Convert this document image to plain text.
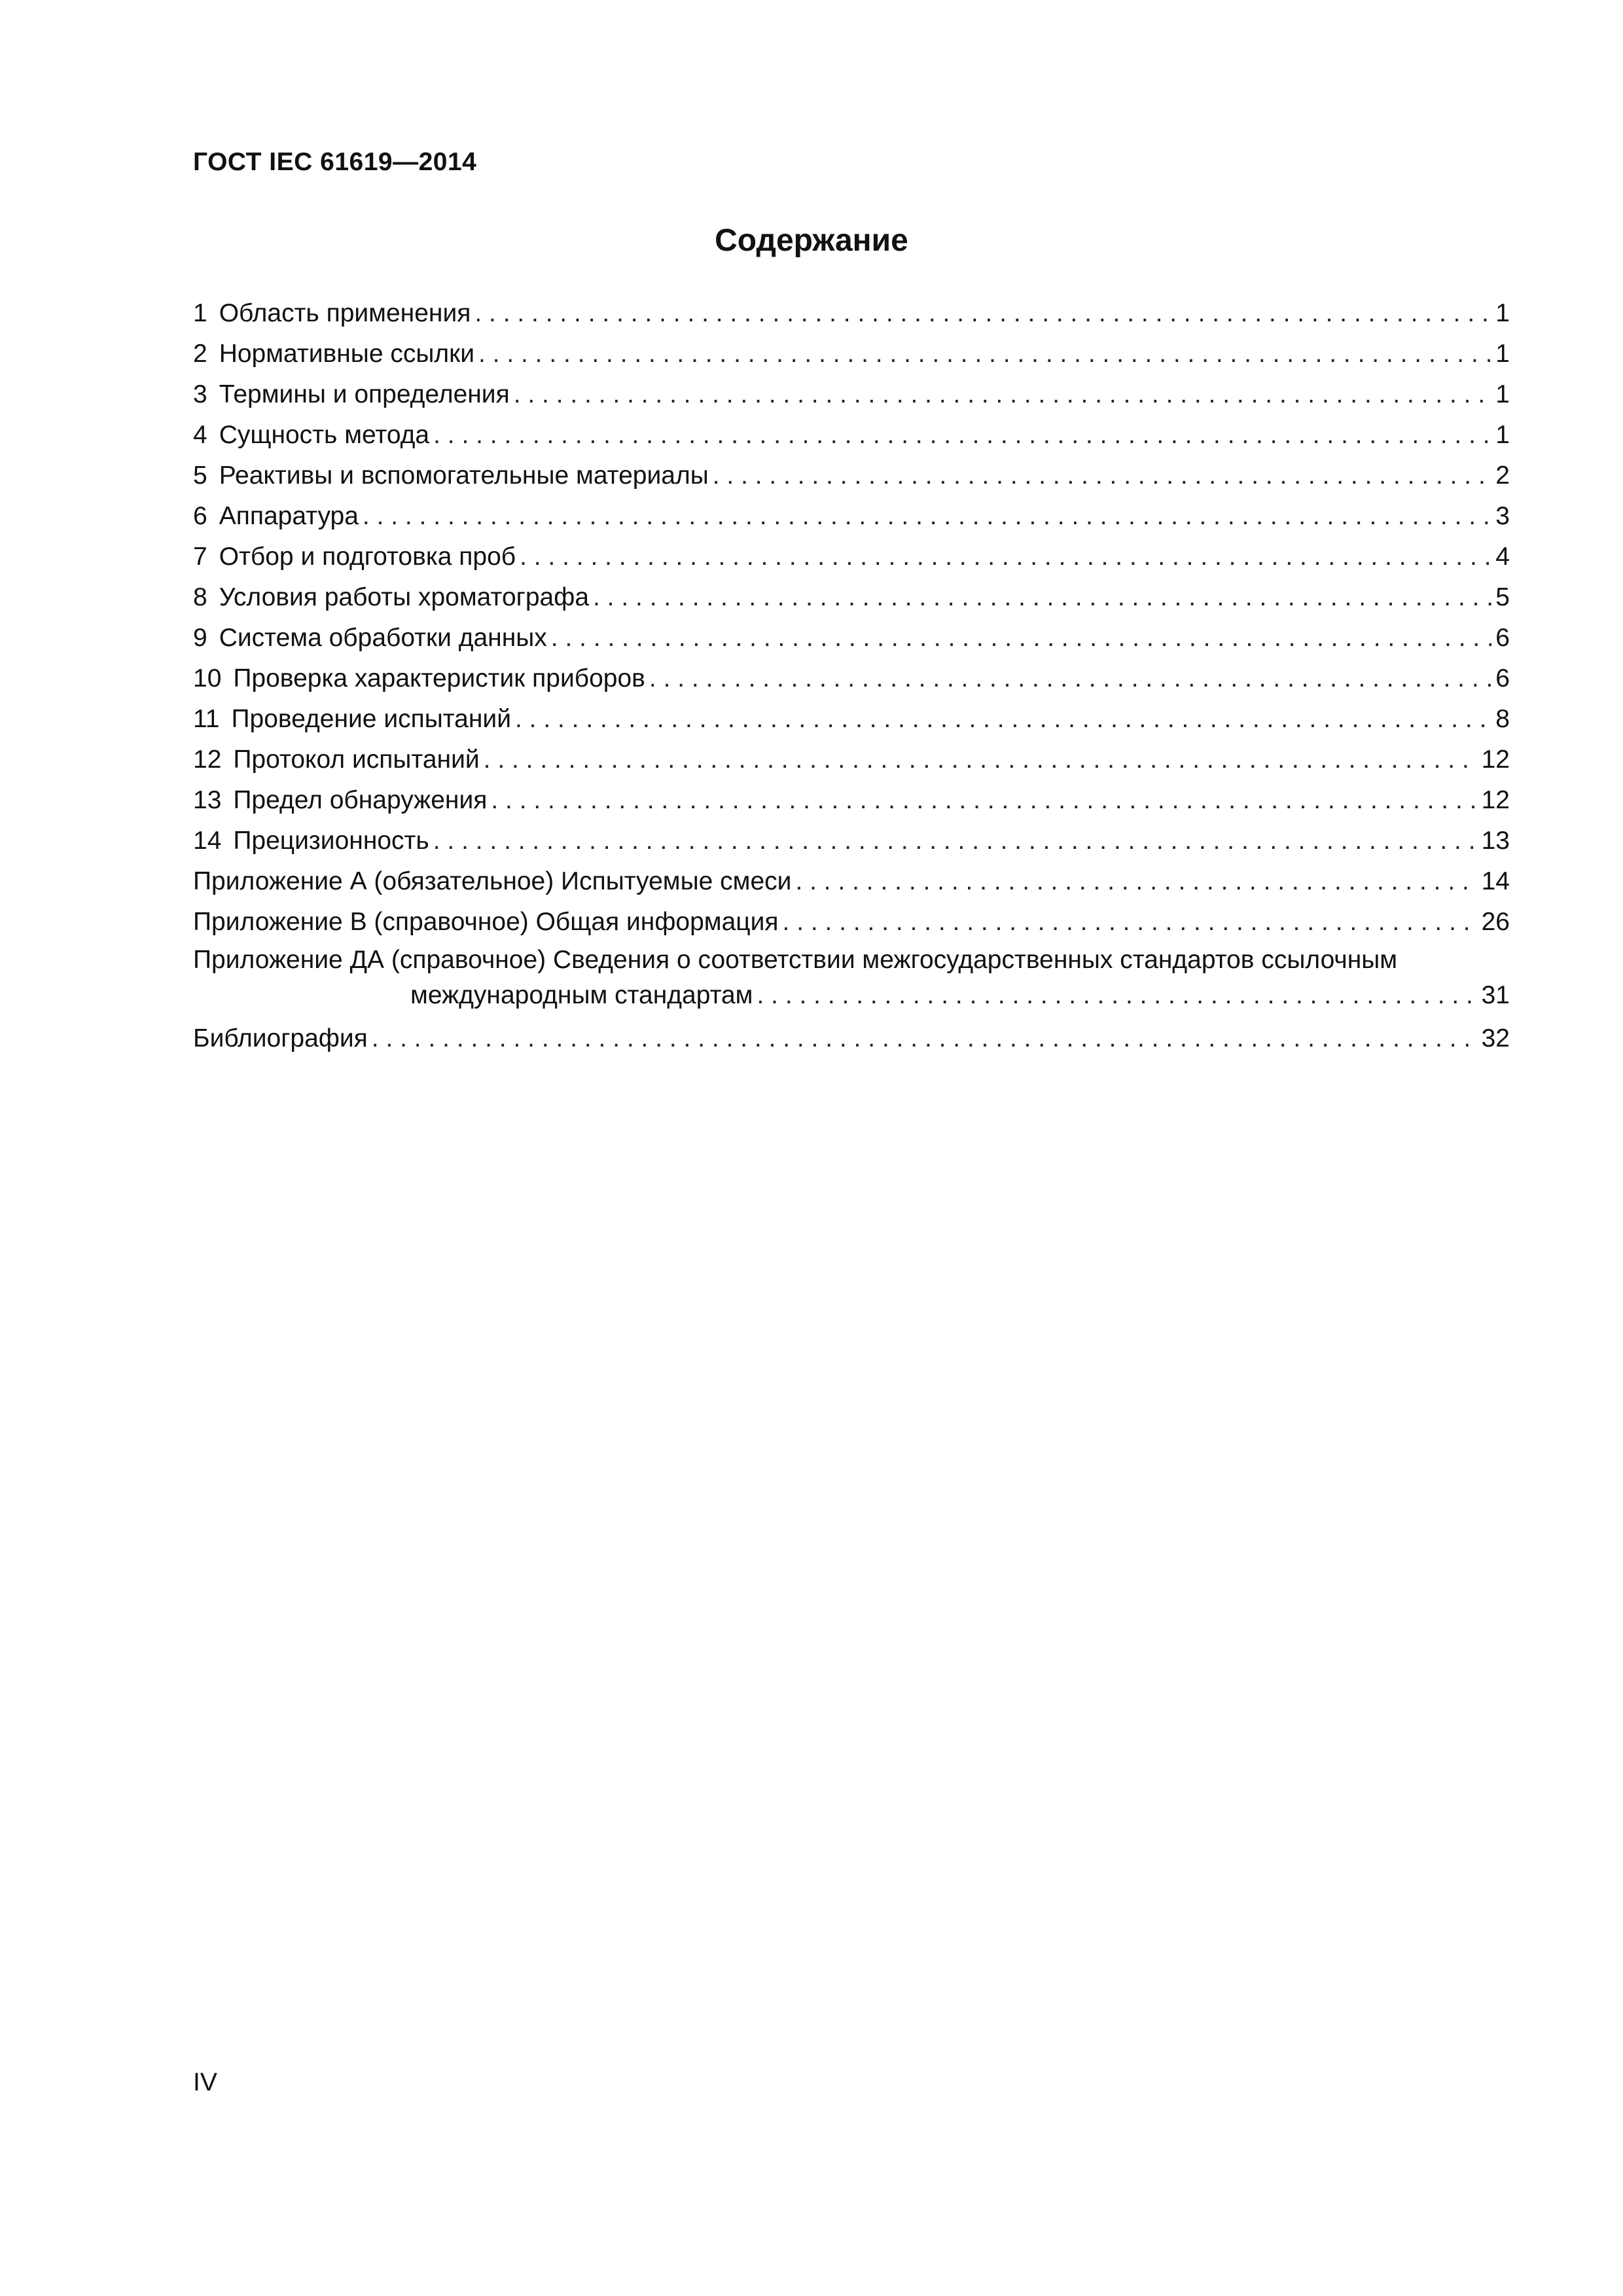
ГОСТ IEC 61619—2014
Содержание
1 Область применения . . .	1
2 Нормативные ссылки . . .	1
3 Термины и определения . . .	1
4 Сущность метода . . .	1
5 Реактивы и вспомогательные материалы . . .	2
6 Аппаратура . . .	3
7 Отбор и подготовка проб . . .	4
8 Условия работы хроматографа . . .	5
9 Система обработки данных . . .	6
10 Проверка характеристик приборов . . .	6
11 Проведение испытаний . . .	8
12 Протокол испытаний . . .	12
13 Предел обнаружения . . .	12
14 Прецизионность . . .	13
Приложение А (обязательное) Испытуемые смеси . . .	14
Приложение В (справочное) Общая информация . . .	26
Приложение ДА (справочное) Сведения о соответствии межгосударственных стандартов ссылочным
международным стандартам . . .	31
Библиография . . .	32
IV
